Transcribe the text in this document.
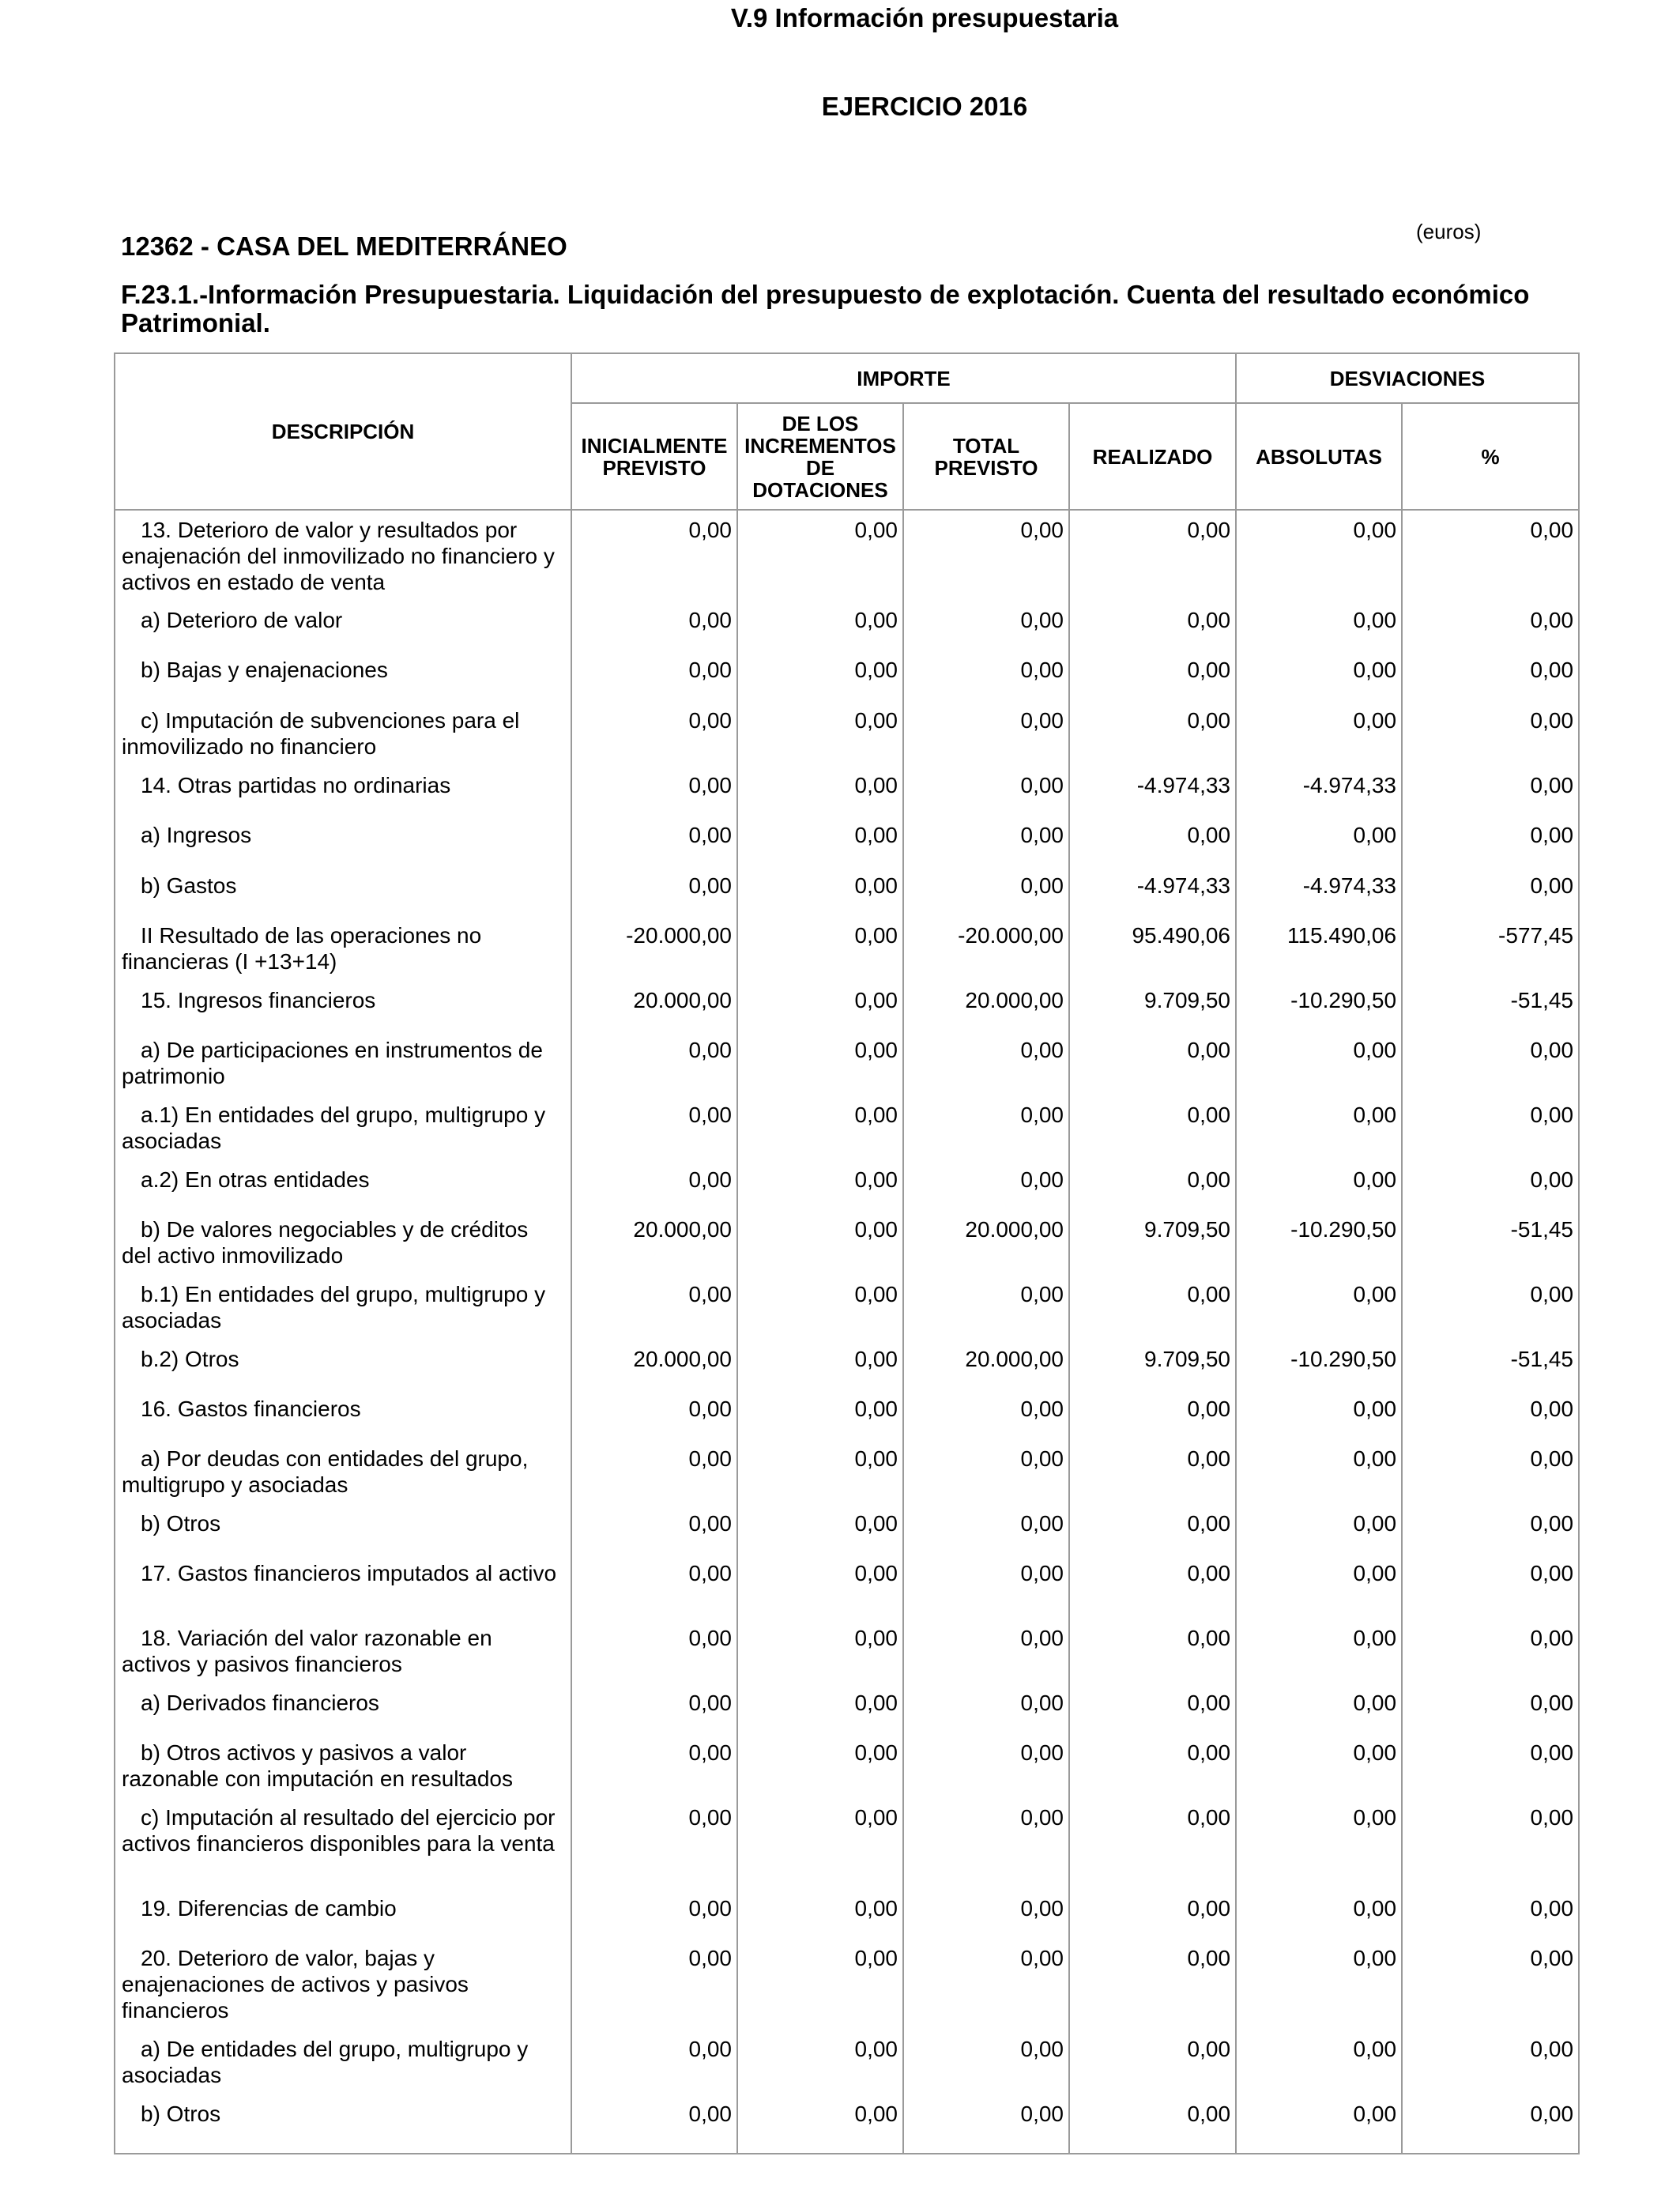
V.9 Información presupuestaria
EJERCICIO 2016
(euros)
12362 - CASA DEL MEDITERRÁNEO
F.23.1.-Información Presupuestaria. Liquidación del presupuesto de explotación. Cuenta del resultado económico Patrimonial.
DESCRIPCIÓN	IMPORTE				DESVIACIONES	
	INICIALMENTE PREVISTO	DE LOS INCREMENTOS DE DOTACIONES	TOTAL PREVISTO	REALIZADO	ABSOLUTAS	%
13. Deterioro de valor y resultados por enajenación del inmovilizado no financiero y activos en estado de venta	0,00	0,00	0,00	0,00	0,00	0,00
a) Deterioro de valor	0,00	0,00	0,00	0,00	0,00	0,00
b) Bajas y enajenaciones	0,00	0,00	0,00	0,00	0,00	0,00
c) Imputación de subvenciones para el inmovilizado no financiero	0,00	0,00	0,00	0,00	0,00	0,00
14. Otras partidas no ordinarias	0,00	0,00	0,00	-4.974,33	-4.974,33	0,00
a) Ingresos	0,00	0,00	0,00	0,00	0,00	0,00
b) Gastos	0,00	0,00	0,00	-4.974,33	-4.974,33	0,00
II Resultado de las operaciones no financieras (I +13+14)	-20.000,00	0,00	-20.000,00	95.490,06	115.490,06	-577,45
15. Ingresos financieros	20.000,00	0,00	20.000,00	9.709,50	-10.290,50	-51,45
a) De participaciones en instrumentos de patrimonio	0,00	0,00	0,00	0,00	0,00	0,00
a.1) En entidades del grupo, multigrupo y asociadas	0,00	0,00	0,00	0,00	0,00	0,00
a.2) En otras entidades	0,00	0,00	0,00	0,00	0,00	0,00
b) De valores negociables y de créditos del activo inmovilizado	20.000,00	0,00	20.000,00	9.709,50	-10.290,50	-51,45
b.1) En entidades del grupo, multigrupo y asociadas	0,00	0,00	0,00	0,00	0,00	0,00
b.2) Otros	20.000,00	0,00	20.000,00	9.709,50	-10.290,50	-51,45
16. Gastos financieros	0,00	0,00	0,00	0,00	0,00	0,00
a) Por deudas con entidades del grupo, multigrupo y asociadas	0,00	0,00	0,00	0,00	0,00	0,00
b) Otros	0,00	0,00	0,00	0,00	0,00	0,00
17. Gastos financieros imputados al activo	0,00	0,00	0,00	0,00	0,00	0,00
18. Variación del valor razonable en activos y pasivos financieros	0,00	0,00	0,00	0,00	0,00	0,00
a) Derivados financieros	0,00	0,00	0,00	0,00	0,00	0,00
b) Otros activos y pasivos a valor razonable con imputación en resultados	0,00	0,00	0,00	0,00	0,00	0,00
c) Imputación al resultado del ejercicio por activos financieros disponibles para la venta	0,00	0,00	0,00	0,00	0,00	0,00
19. Diferencias de cambio	0,00	0,00	0,00	0,00	0,00	0,00
20. Deterioro de valor, bajas y enajenaciones de activos y pasivos financieros	0,00	0,00	0,00	0,00	0,00	0,00
a) De entidades del grupo, multigrupo y asociadas	0,00	0,00	0,00	0,00	0,00	0,00
b) Otros	0,00	0,00	0,00	0,00	0,00	0,00
